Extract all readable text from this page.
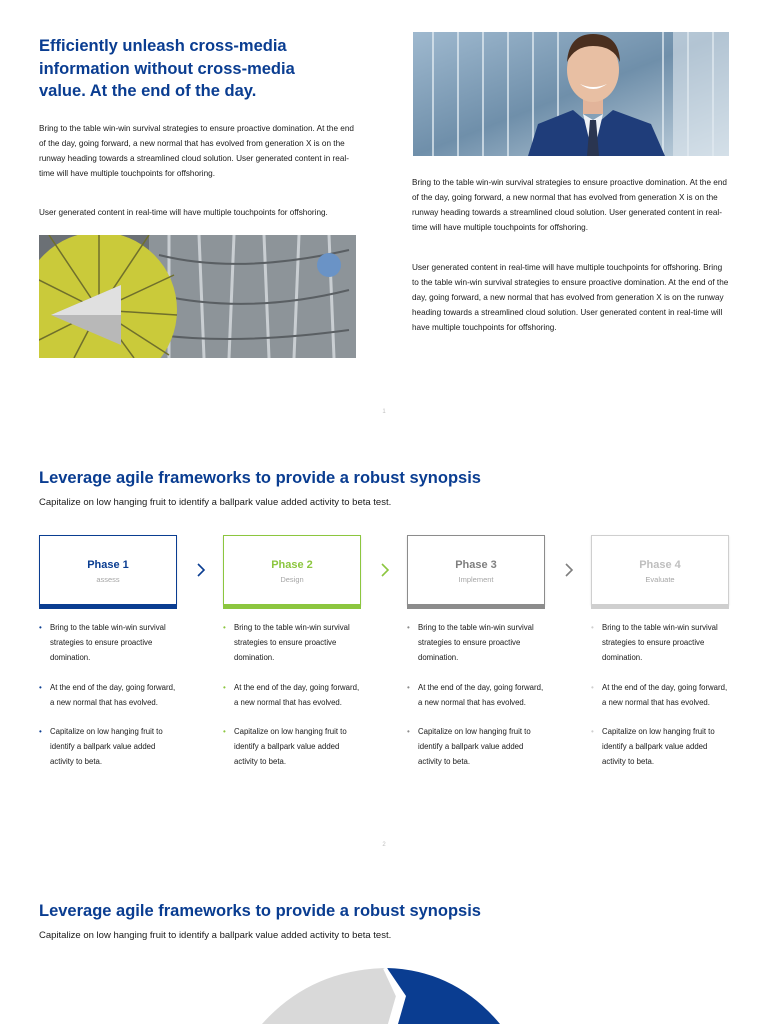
Efficiently unleash cross-media information without cross-media value. At the end of the day.
Bring to the table win-win survival strategies to ensure proactive domination. At the end of the day, going forward, a new normal that has evolved from generation X is on the runway heading towards a streamlined cloud solution. User generated content in real-time will have multiple touchpoints for offshoring.
User generated content in real-time will have multiple touchpoints for offshoring.
Bring to the table win-win survival strategies to ensure proactive domination. At the end of the day, going forward, a new normal that has evolved from generation X is on the runway heading towards a streamlined cloud solution. User generated content in real-time will have multiple touchpoints for offshoring.
User generated content in real-time will have multiple touchpoints for offshoring. Bring to the table win-win survival strategies to ensure proactive domination. At the end of the day, going forward, a new normal that has evolved from generation X is on the runway heading towards a streamlined cloud solution. User generated content in real-time will have multiple touchpoints for offshoring.
1
Leverage agile frameworks to provide a robust synopsis
Capitalize on low hanging fruit to identify a ballpark value added activity to beta test.
Phase 1
assess
Phase 2
Design
Phase 3
Implement
Phase 4
Evaluate
• Bring to the table win-win survival strategies to ensure proactive domination.
• At the end of the day, going forward, a new normal that has evolved.
• Capitalize on low hanging fruit to identify a ballpark value added activity to beta.
• Bring to the table win-win survival strategies to ensure proactive domination.
• At the end of the day, going forward, a new normal that has evolved.
• Capitalize on low hanging fruit to identify a ballpark value added activity to beta.
• Bring to the table win-win survival strategies to ensure proactive domination.
• At the end of the day, going forward, a new normal that has evolved.
• Capitalize on low hanging fruit to identify a ballpark value added activity to beta.
• Bring to the table win-win survival strategies to ensure proactive domination.
• At the end of the day, going forward, a new normal that has evolved.
• Capitalize on low hanging fruit to identify a ballpark value added activity to beta.
2
Leverage agile frameworks to provide a robust synopsis
Capitalize on low hanging fruit to identify a ballpark value added activity to beta test.
